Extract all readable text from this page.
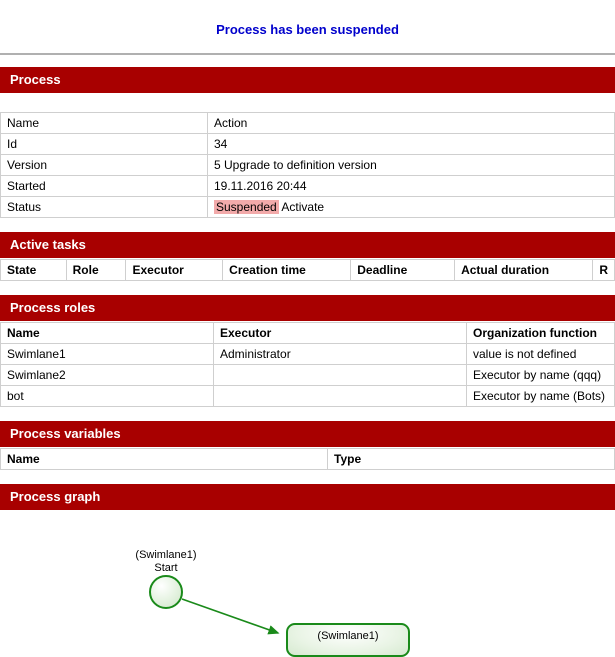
Process has been suspended
Process
Name	Action
Id	34
Version	5 Upgrade to definition version
Started	19.11.2016 20:44
Status	Suspended Activate
Active tasks
State	Role	Executor	Creation time	Deadline	Actual duration	R
Process roles
Name	Executor	Organization function
Swimlane1	Administrator	value is not defined
Swimlane2		Executor by name (qqq)
bot		Executor by name (Bots)
Process variables
Name	Type
Process graph
(Swimlane1)
Start
(Swimlane1)
